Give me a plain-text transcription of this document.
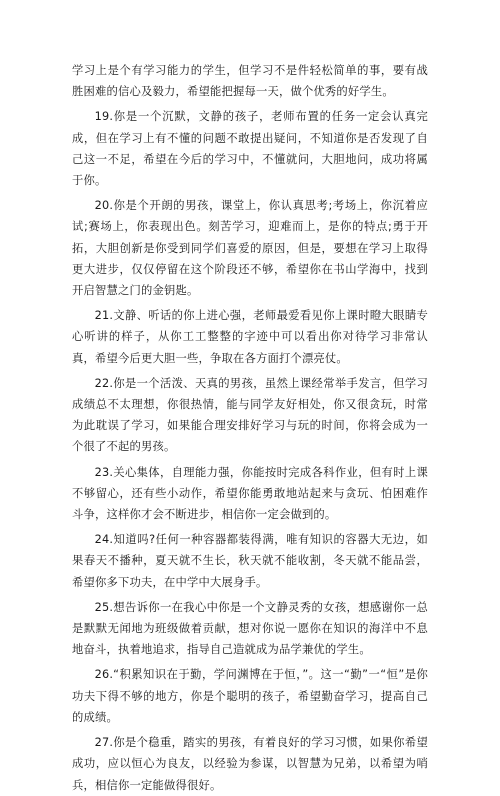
学习上是个有学习能力的学生，但学习不是件轻松简单的事，要有战胜困难的信心及毅力，希望能把握每一天，做个优秀的好学生。

19.你是一个沉默，文静的孩子，老师布置的任务一定会认真完成，但在学习上有不懂的问题不敢提出疑问，不知道你是否发现了自己这一不足，希望在今后的学习中，不懂就问，大胆地问，成功将属于你。

20.你是个开朗的男孩，课堂上，你认真思考;考场上，你沉着应试;赛场上，你表现出色。刻苦学习，迎难而上，是你的特点;勇于开拓，大胆创新是你受到同学们喜爱的原因，但是，要想在学习上取得更大进步，仅仅停留在这个阶段还不够，希望你在书山学海中，找到开启智慧之门的金钥匙。

21.文静、听话的你上进心强，老师最爱看见你上课时瞪大眼睛专心听讲的样子，从你工工整整的字迹中可以看出你对待学习非常认真，希望今后更大胆一些，争取在各方面打个漂亮仗。

22.你是一个活泼、天真的男孩，虽然上课经常举手发言，但学习成绩总不太理想，你很热情，能与同学友好相处，你又很贪玩，时常为此耽误了学习，如果能合理安排好学习与玩的时间，你将会成为一个很了不起的男孩。

23.关心集体，自理能力强，你能按时完成各科作业，但有时上课不够留心，还有些小动作，希望你能勇敢地站起来与贪玩、怕困难作斗争，这样你才会不断进步，相信你一定会做到的。

24.知道吗?任何一种容器都装得满，唯有知识的容器大无边，如果春天不播种，夏天就不生长，秋天就不能收割，冬天就不能品尝，希望你多下功夫，在中学中大展身手。

25.想告诉你一在我心中你是一个文静灵秀的女孩，想感谢你一总是默默无闻地为班级做着贡献，想对你说一愿你在知识的海洋中不息地奋斗，执着地追求，指导自己造就成为品学兼优的学生。

26.“积累知识在于勤，学问渊博在于恒，”。这一“勤”一“恒”是你功夫下得不够的地方，你是个聪明的孩子，希望勤奋学习，提高自己的成绩。

27.你是个稳重，踏实的男孩，有着良好的学习习惯，如果你希望成功，应以恒心为良友，以经验为参谋，以智慧为兄弟，以希望为哨兵，相信你一定能做得很好。
